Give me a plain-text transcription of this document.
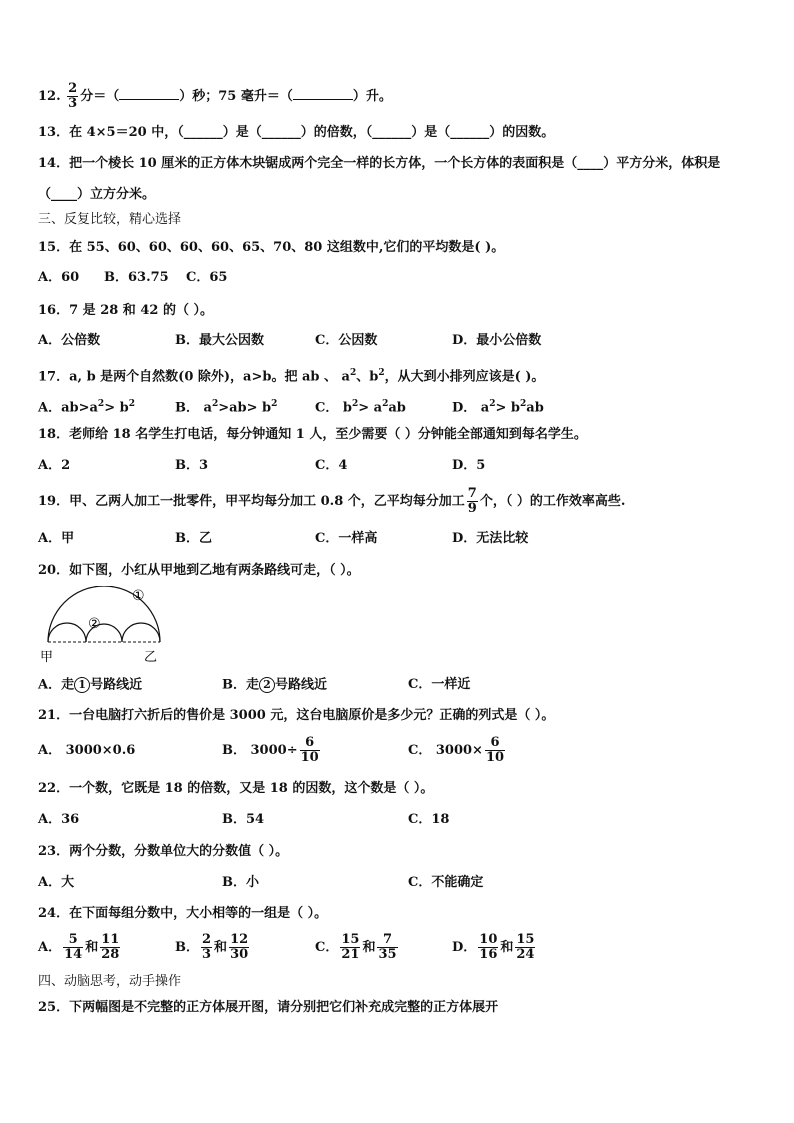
12. $\frac{2}{3}$ 分＝（	）秒；75 毫升＝（	）升。
13．在 4×5＝20 中，（______）是（______）的倍数，（______）是（______）的因数。
14．把一个棱长 10 厘米的正方体木块锯成两个完全一样的长方体，一个长方体的表面积是（____）平方分米，体积是
（____）立方分米。
三、反复比较，精心选择
15．在 55、60、60、60、60、65、70、80 这组数中,它们的平均数是( )。
A．60 B．63.75 C．65
16．7 是 28 和 42 的（ ）。
A．公倍数	B．最大公因数	C．公因数	D．最小公倍数
17．a, b 是两个自然数(0 除外)，a>b。把 ab 、 $a^2$、$b^2$，从大到小排列应该是( )。
A．$ab>a^2> b^2$	B． $a^2>ab> b^2$	C． $b^2> a^2ab$	D． $a^2> b^2ab$
18．老师给 18 名学生打电话，每分钟通知 1 人，至少需要（ ）分钟能全部通知到每名学生。
A．2	B．3	C．4	D．5
19．甲、乙两人加工一批零件，甲平均每分加工 0.8 个，乙平均每分加工 $\frac{7}{9}$ 个，（ ）的工作效率高些.
A．甲	B．乙	C．一样高	D．无法比较
20．如下图，小红从甲地到乙地有两条路线可走，（ ）。
①
②
甲	乙
A．走 1 号路线近	B．走 2 号路线近	C．一样近
21．一台电脑打六折后的售价是 3000 元，这台电脑原价是多少元？正确的列式是（ ）。
A． 3000×0.6	B． $3000\div \frac{6}{10}$	C． $3000\times \frac{6}{10}$
22．一个数，它既是 18 的倍数，又是 18 的因数，这个数是（ ）。
A．36	B．54	C．18
23．两个分数，分数单位大的分数值（ ）。
A．大	B．小	C．不能确定
24．在下面每组分数中，大小相等的一组是（ ）。
A． $\frac{5}{14}$ 和 $\frac{11}{28}$	B． $\frac{2}{3}$ 和 $\frac{12}{30}$	C． $\frac{15}{21}$ 和 $\frac{7}{35}$	D． $\frac{10}{16}$ 和 $\frac{15}{24}$
四、动脑思考，动手操作
25．下两幅图是不完整的正方体展开图，请分别把它们补充成完整的正方体展开
